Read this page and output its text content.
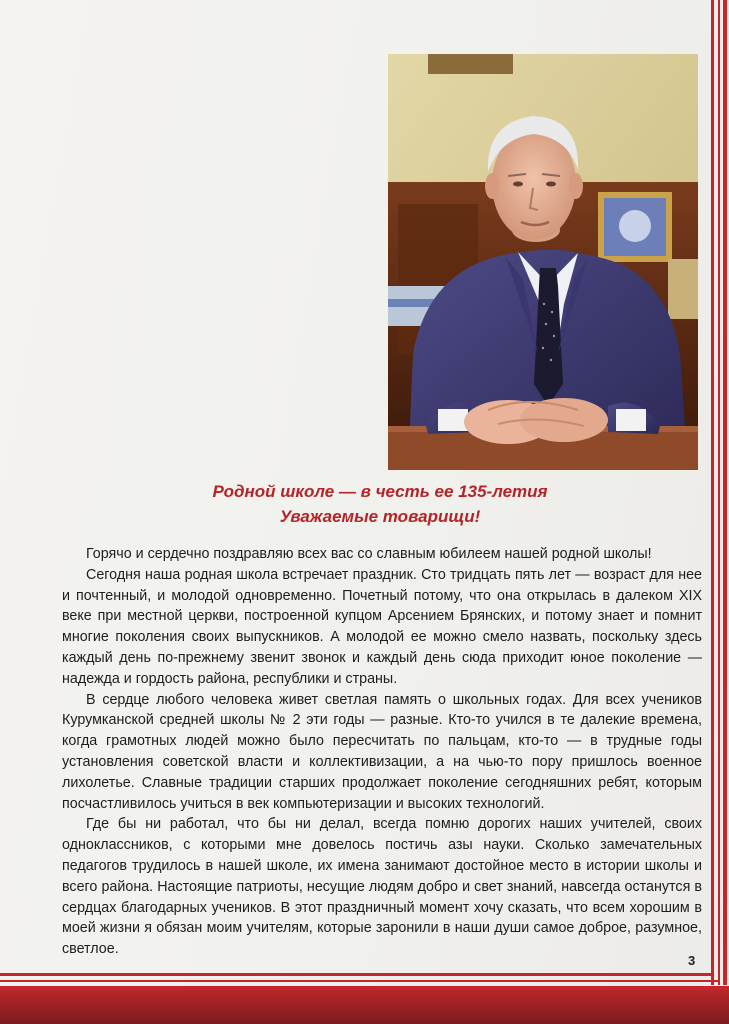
Родной школе — в честь ее 135-летия
Уважаемые товарищи!

Горячо и сердечно поздравляю всех вас со славным юбилеем нашей родной школы!

Сегодня наша родная школа встречает праздник. Сто тридцать пять лет — возраст для нее и почтенный, и молодой одновременно. Почетный потому, что она открылась в далеком XIX веке при местной церкви, построенной купцом Арсением Брянских, и потому знает и помнит многие поколения своих выпускников. А молодой ее можно смело назвать, поскольку здесь каждый день по-прежнему звенит звонок и каждый день сюда приходит юное поколение — надежда и гордость района, республики и страны.

В сердце любого человека живет светлая память о школьных годах. Для всех учеников Курумканской средней школы № 2 эти годы — разные. Кто-то учился в те далекие времена, когда грамотных людей можно было пересчитать по пальцам, кто-то — в трудные годы установления советской власти и коллективизации, а на чью-то пору пришлось военное лихолетье. Славные традиции старших продолжает поколение сегодняшних ребят, которым посчастливилось учиться в век компьютеризации и высоких технологий.

Где бы ни работал, что бы ни делал, всегда помню дорогих наших учителей, своих одноклассников, с которыми мне довелось постичь азы науки. Сколько замечательных педагогов трудилось в нашей школе, их имена занимают достойное место в истории школы и всего района. Настоящие патриоты, несущие людям добро и свет знаний, навсегда останутся в сердцах благодарных учеников. В этот праздничный момент хочу сказать, что всем хорошим в моей жизни я обязан моим учителям, которые заронили в наши души самое доброе, разумное, светлое.

3
